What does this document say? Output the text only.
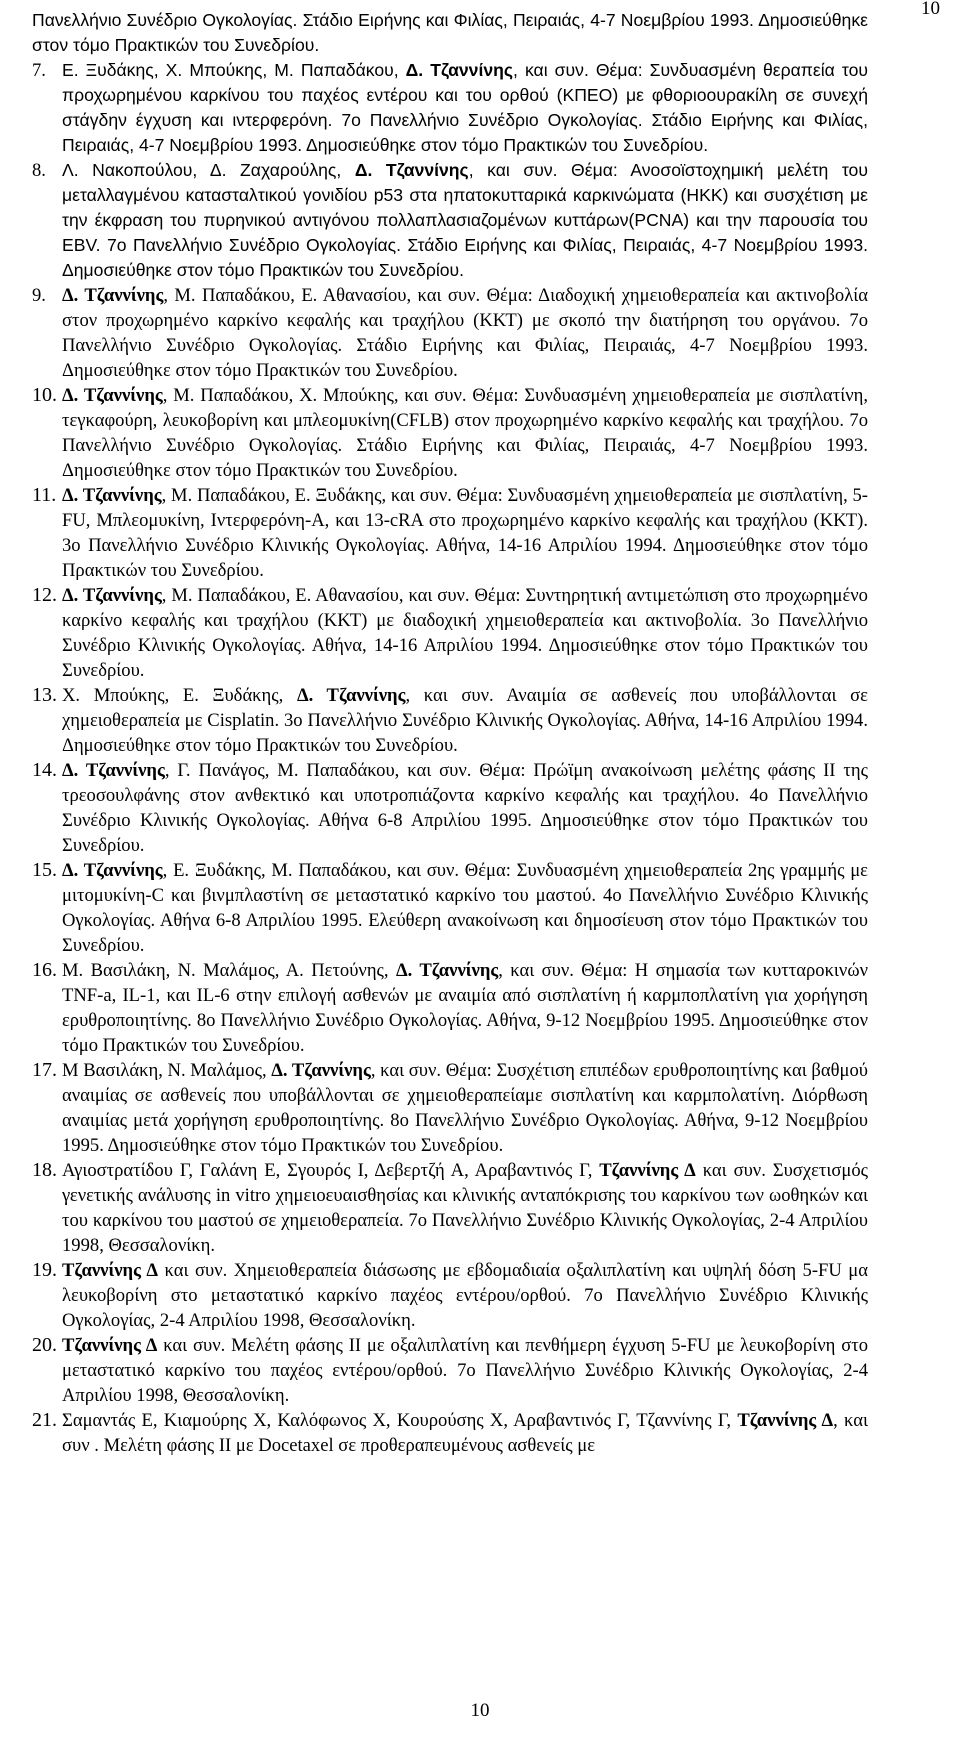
10
Πανελλήνιο Συνέδριο Ογκολογίας. Στάδιο Ειρήνης και Φιλίας, Πειραιάς, 4-7 Νοεμβρίου 1993. Δημοσιεύθηκε στον τόμο Πρακτικών του Συνεδρίου.
7. Ε. Ξυδάκης, Χ. Μπούκης, Μ. Παπαδάκου, Δ. Τζαννίνης, και συν. Θέμα: Συνδυασμένη θεραπεία του προχωρημένου καρκίνου του παχέος εντέρου και του ορθού (ΚΠΕΟ) με φθοριοουρακίλη σε συνεχή στάγδην έγχυση και ιντερφερόνη. 7ο Πανελλήνιο Συνέδριο Ογκολογίας. Στάδιο Ειρήνης και Φιλίας, Πειραιάς, 4-7 Νοεμβρίου 1993. Δημοσιεύθηκε στον τόμο Πρακτικών του Συνεδρίου.
8. Λ. Νακοπούλου, Δ. Ζαχαρούλης, Δ. Τζαννίνης, και συν. Θέμα: Ανοσοϊστοχημική μελέτη του μεταλλαγμένου κατασταλτικού γονιδίου p53 στα ηπατοκυτταρικά καρκινώματα (ΗΚΚ) και συσχέτιση με την έκφραση του πυρηνικού αντιγόνου πολλαπλασιαζομένων κυττάρων(PCNA) και την παρουσία του EBV. 7ο Πανελλήνιο Συνέδριο Ογκολογίας. Στάδιο Ειρήνης και Φιλίας, Πειραιάς, 4-7 Νοεμβρίου 1993. Δημοσιεύθηκε στον τόμο Πρακτικών του Συνεδρίου.
9. Δ. Τζαννίνης, Μ. Παπαδάκου, Ε. Αθανασίου, και συν. Θέμα: Διαδοχική χημειοθεραπεία και ακτινοβολία στον προχωρημένο καρκίνο κεφαλής και τραχήλου (ΚΚΤ) με σκοπό την διατήρηση του οργάνου. 7ο Πανελλήνιο Συνέδριο Ογκολογίας. Στάδιο Ειρήνης και Φιλίας, Πειραιάς, 4-7 Νοεμβρίου 1993. Δημοσιεύθηκε στον τόμο Πρακτικών του Συνεδρίου.
10. Δ. Τζαννίνης, Μ. Παπαδάκου, Χ. Μπούκης, και συν. Θέμα: Συνδυασμένη χημειοθεραπεία με σισπλατίνη, τεγκαφούρη, λευκοβορίνη και μπλεομυκίνη(CFLB) στον προχωρημένο καρκίνο κεφαλής και τραχήλου. 7ο Πανελλήνιο Συνέδριο Ογκολογίας. Στάδιο Ειρήνης και Φιλίας, Πειραιάς, 4-7 Νοεμβρίου 1993. Δημοσιεύθηκε στον τόμο Πρακτικών του Συνεδρίου.
11. Δ. Τζαννίνης, Μ. Παπαδάκου, Ε. Ξυδάκης, και συν. Θέμα: Συνδυασμένη χημειοθεραπεία με σισπλατίνη, 5-FU, Μπλεομυκίνη, Ιντερφερόνη-Α, και 13-cRA στο προχωρημένο καρκίνο κεφαλής και τραχήλου (ΚΚΤ). 3ο Πανελλήνιο Συνέδριο Κλινικής Ογκολογίας. Αθήνα, 14-16 Απριλίου 1994. Δημοσιεύθηκε στον τόμο Πρακτικών του Συνεδρίου.
12. Δ. Τζαννίνης, Μ. Παπαδάκου, Ε. Αθανασίου, και συν. Θέμα: Συντηρητική αντιμετώπιση στο προχωρημένο καρκίνο κεφαλής και τραχήλου (ΚΚΤ) με διαδοχική χημειοθεραπεία και ακτινοβολία. 3ο Πανελλήνιο Συνέδριο Κλινικής Ογκολογίας. Αθήνα, 14-16 Απριλίου 1994. Δημοσιεύθηκε στον τόμο Πρακτικών του Συνεδρίου.
13. Χ. Μπούκης, Ε. Ξυδάκης, Δ. Τζαννίνης, και συν. Αναιμία σε ασθενείς που υποβάλλονται σε χημειοθεραπεία με Cisplatin. 3ο Πανελλήνιο Συνέδριο Κλινικής Ογκολογίας. Αθήνα, 14-16 Απριλίου 1994. Δημοσιεύθηκε στον τόμο Πρακτικών του Συνεδρίου.
14. Δ. Τζαννίνης, Γ. Πανάγος, Μ. Παπαδάκου, και συν. Θέμα: Πρώϊμη ανακοίνωση μελέτης φάσης ΙΙ της τρεοσουλφάνης στον ανθεκτικό και υποτροπιάζοντα καρκίνο κεφαλής και τραχήλου. 4ο Πανελλήνιο Συνέδριο Κλινικής Ογκολογίας. Αθήνα 6-8 Απριλίου 1995. Δημοσιεύθηκε στον τόμο Πρακτικών του Συνεδρίου.
15. Δ. Τζαννίνης, Ε. Ξυδάκης, Μ. Παπαδάκου, και συν. Θέμα: Συνδυασμένη χημειοθεραπεία 2ης γραμμής με μιτομυκίνη-C και βινμπλαστίνη σε μεταστατικό καρκίνο του μαστού. 4ο Πανελλήνιο Συνέδριο Κλινικής Ογκολογίας. Αθήνα 6-8 Απριλίου 1995. Ελεύθερη ανακοίνωση και δημοσίευση στον τόμο Πρακτικών του Συνεδρίου.
16. Μ. Βασιλάκη, Ν. Μαλάμος, Α. Πετούνης, Δ. Τζαννίνης, και συν. Θέμα: Η σημασία των κυτταροκινών TNF-a, IL-1, και IL-6 στην επιλογή ασθενών με αναιμία από σισπλατίνη ή καρμπoπλατίνη για χορήγηση ερυθροποιητίνης. 8ο Πανελλήνιο Συνέδριο Ογκολογίας. Αθήνα, 9-12 Νοεμβρίου 1995. Δημοσιεύθηκε στον τόμο Πρακτικών του Συνεδρίου.
17. Μ Βασιλάκη, Ν. Μαλάμος, Δ. Τζαννίνης, και συν. Θέμα: Συσχέτιση επιπέδων ερυθροποιητίνης και βαθμού αναιμίας σε ασθενείς που υποβάλλονται σε χημειοθεραπείαμε σισπλατίνη και καρμπολατίνη. Διόρθωση αναιμίας μετά χορήγηση ερυθροποιητίνης. 8ο Πανελλήνιο Συνέδριο Ογκολογίας. Αθήνα, 9-12 Νοεμβρίου 1995. Δημοσιεύθηκε στον τόμο Πρακτικών του Συνεδρίου.
18. Αγιοστρατίδου Γ, Γαλάνη Ε, Σγουρός Ι, Δεβερτζή Α, Αραβαντινός Γ, Τζαννίνης Δ και συν. Συσχετισμός γενετικής ανάλυσης in vitro χημειοευαισθησίας και κλινικής ανταπόκρισης του καρκίνου των ωοθηκών και του καρκίνου του μαστού σε χημειοθεραπεία. 7ο Πανελλήνιο Συνέδριο Κλινικής Ογκολογίας, 2-4 Απριλίου 1998, Θεσσαλονίκη.
19. Τζαννίνης Δ και συν. Χημειοθεραπεία διάσωσης με εβδομαδιαία οξαλιπλατίνη και υψηλή δόση 5-FU μα λευκοβορίνη στο μεταστατικό καρκίνο παχέος εντέρου/ορθού. 7ο Πανελλήνιο Συνέδριο Κλινικής Ογκολογίας, 2-4 Απριλίου 1998, Θεσσαλονίκη.
20. Τζαννίνης Δ και συν. Μελέτη φάσης ΙΙ με οξαλιπλατίνη και πενθήμερη έγχυση 5-FU με λευκοβορίνη στο μεταστατικό καρκίνο του παχέος εντέρου/ορθού. 7ο Πανελλήνιο Συνέδριο Κλινικής Ογκολογίας, 2-4 Απριλίου 1998, Θεσσαλονίκη.
21. Σαμαντάς Ε, Κιαμούρης Χ, Καλόφωνος Χ, Κουρούσης Χ, Αραβαντινός Γ, Τζαννίνης Γ, Τζαννίνης Δ, και συν . Μελέτη φάσης ΙΙ με Docetaxel σε προθεραπευμένους ασθενείς με
10
